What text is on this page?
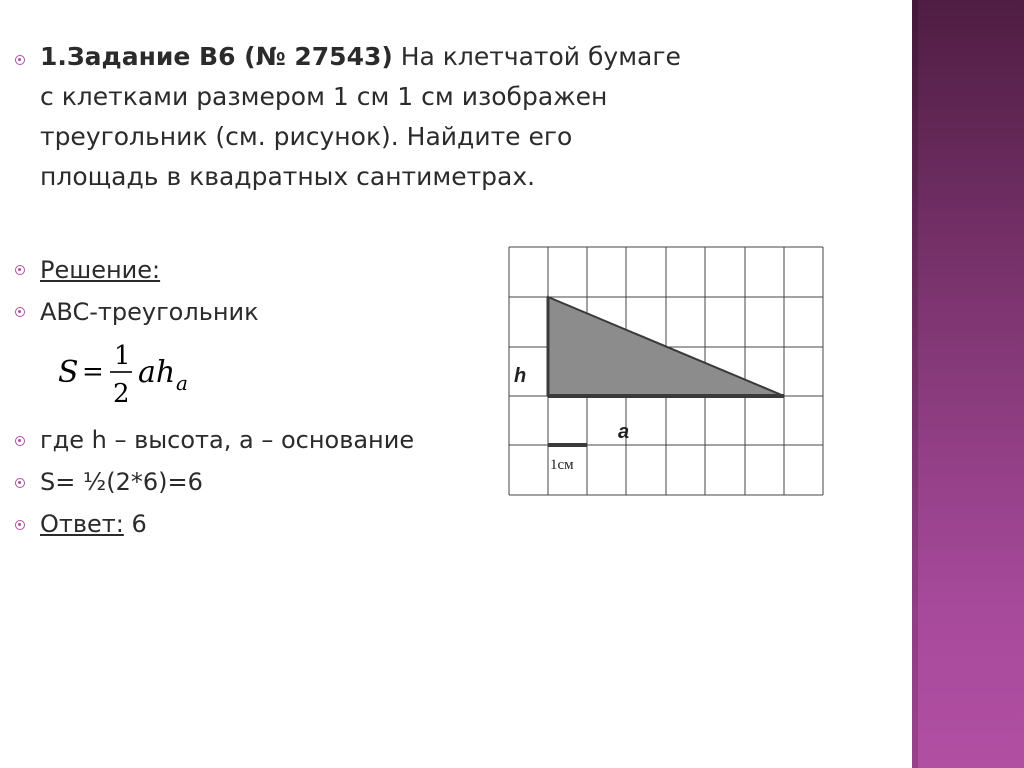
1.Задание B6 (№ 27543) На клетчатой бумаге
с клетками размером 1 см 1 см изображен
треугольник (см. рисунок). Найдите его
площадь в квадратных сантиметрах.
Решение:
ABC-треугольник
S =
1
2
ah a
где h – высота, a – основание
S= ½(2*6)=6
Ответ: 6
h
a
1см
